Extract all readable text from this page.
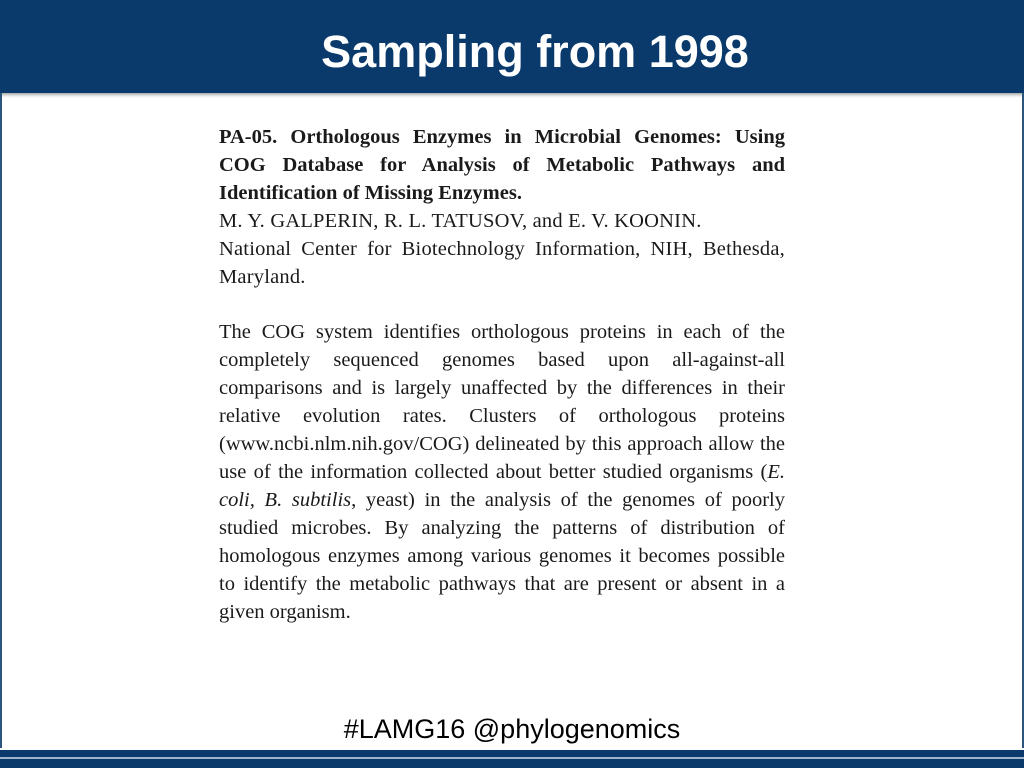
Sampling from 1998

PA-05. Orthologous Enzymes in Microbial Genomes: Using COG Database for Analysis of Metabolic Pathways and Identification of Missing Enzymes.

M. Y. GALPERIN, R. L. TATUSOV, and E. V. KOONIN.

National Center for Biotechnology Information, NIH, Bethesda, Maryland.

The COG system identifies orthologous proteins in each of the completely sequenced genomes based upon all-against-all comparisons and is largely unaffected by the differences in their relative evolution rates. Clusters of orthologous proteins (www.ncbi.nlm.nih.gov/COG) delineated by this approach allow the use of the information collected about better studied organisms (E. coli, B. subtilis, yeast) in the analysis of the genomes of poorly studied microbes. By analyzing the patterns of distribution of homologous enzymes among various genomes it becomes possible to identify the metabolic pathways that are present or absent in a given organism.

#LAMG16 @phylogenomics
